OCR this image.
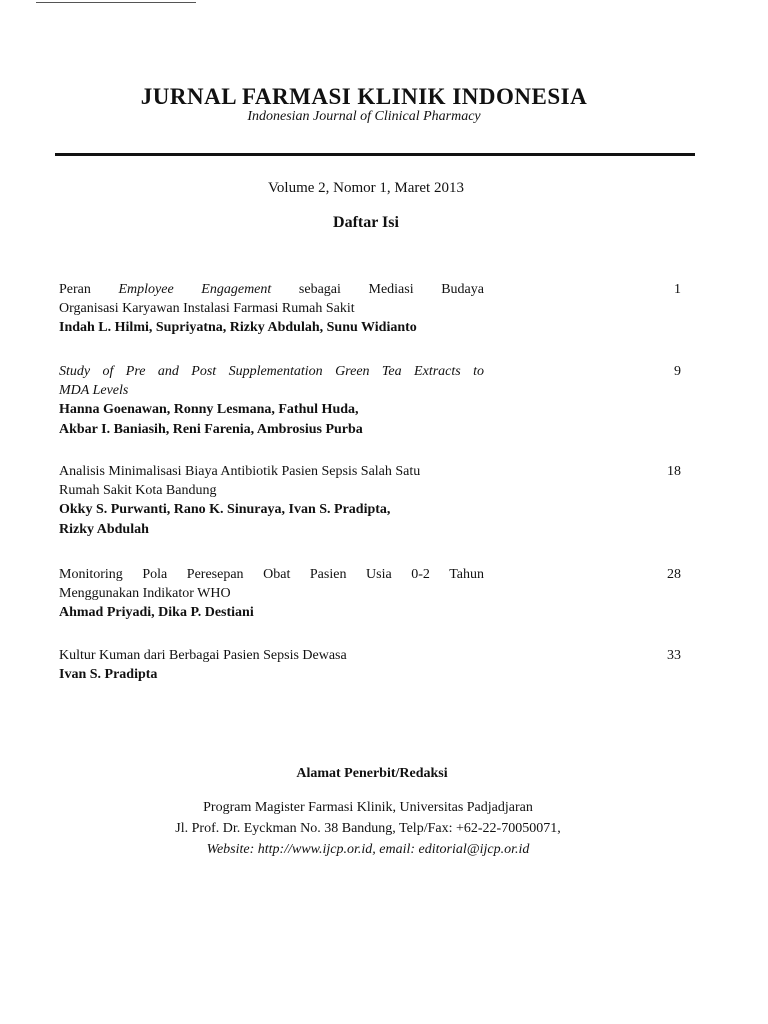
JURNAL FARMASI KLINIK INDONESIA
Indonesian Journal of Clinical Pharmacy
Volume 2, Nomor 1, Maret 2013
Daftar Isi
Peran Employee Engagement sebagai Mediasi Budaya
Organisasi Karyawan Instalasi Farmasi Rumah Sakit
Indah L. Hilmi, Supriyatna, Rizky Abdulah, Sunu Widianto
1
Study of Pre and Post Supplementation Green Tea Extracts to
MDA Levels
Hanna Goenawan, Ronny Lesmana, Fathul Huda,
Akbar I. Baniasih, Reni Farenia, Ambrosius Purba
9
Analisis Minimalisasi Biaya Antibiotik Pasien Sepsis Salah Satu
Rumah Sakit Kota Bandung
Okky S. Purwanti, Rano K. Sinuraya, Ivan S. Pradipta,
Rizky Abdulah
18
Monitoring Pola Peresepan Obat Pasien Usia 0-2 Tahun
Menggunakan Indikator WHO
Ahmad Priyadi, Dika P. Destiani
28
Kultur Kuman dari Berbagai Pasien Sepsis Dewasa
Ivan S. Pradipta
33
Alamat Penerbit/Redaksi
Program Magister Farmasi Klinik, Universitas Padjadjaran
Jl. Prof. Dr. Eyckman No. 38 Bandung, Telp/Fax: +62-22-70050071,
Website: http://www.ijcp.or.id, email: editorial@ijcp.or.id
